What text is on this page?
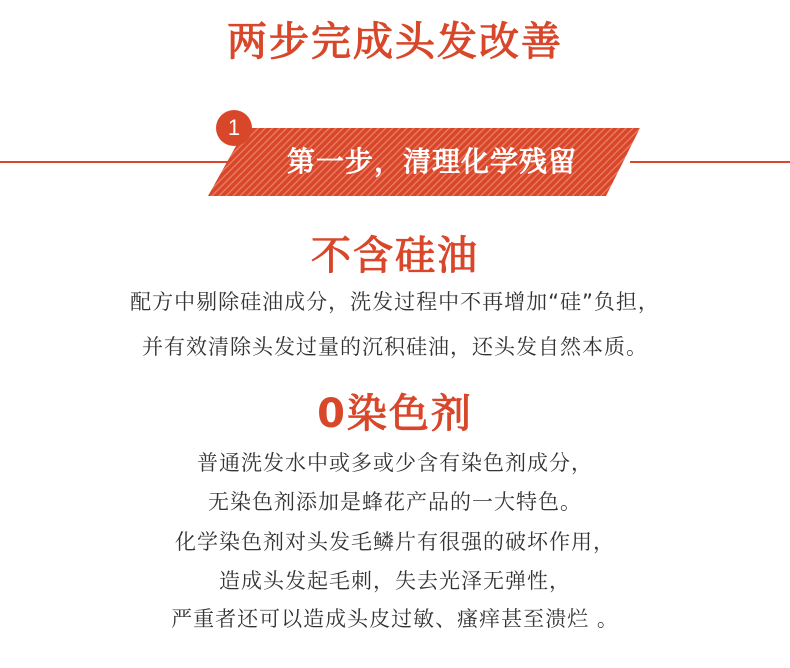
两步完成头发改善
第一步，清理化学残留
1
不含硅油
配方中剔除硅油成分，洗发过程中不再增加“硅”负担，
并有效清除头发过量的沉积硅油，还头发自然本质。
0染色剂
普通洗发水中或多或少含有染色剂成分，
无染色剂添加是蜂花产品的一大特色。
化学染色剂对头发毛鳞片有很强的破坏作用，
造成头发起毛刺，失去光泽无弹性，
严重者还可以造成头皮过敏、瘙痒甚至溃烂 。
